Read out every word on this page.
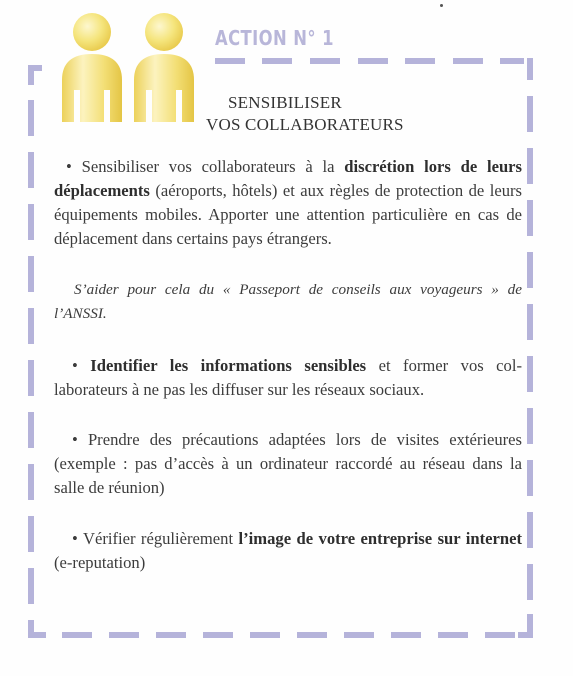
ACTION N° 1
SENSIBILISER
VOS COLLABORATEURS

• Sensibiliser vos collaborateurs à la discrétion lors de leurs déplacements (aéroports, hôtels) et aux règles de protection de leurs équipements mobiles. Apporter une attention particulière en cas de déplacement dans certains pays étrangers.

S’aider pour cela du « Passeport de conseils aux voyageurs » de l’ANSSI.

• Identifier les informations sensibles et former vos collaborateurs à ne pas les diffuser sur les réseaux sociaux.

• Prendre des précautions adaptées lors de visites extérieures (exemple : pas d’accès à un ordinateur raccordé au réseau dans la salle de réunion)

• Vérifier régulièrement l’image de votre entreprise sur internet (e-reputation)
